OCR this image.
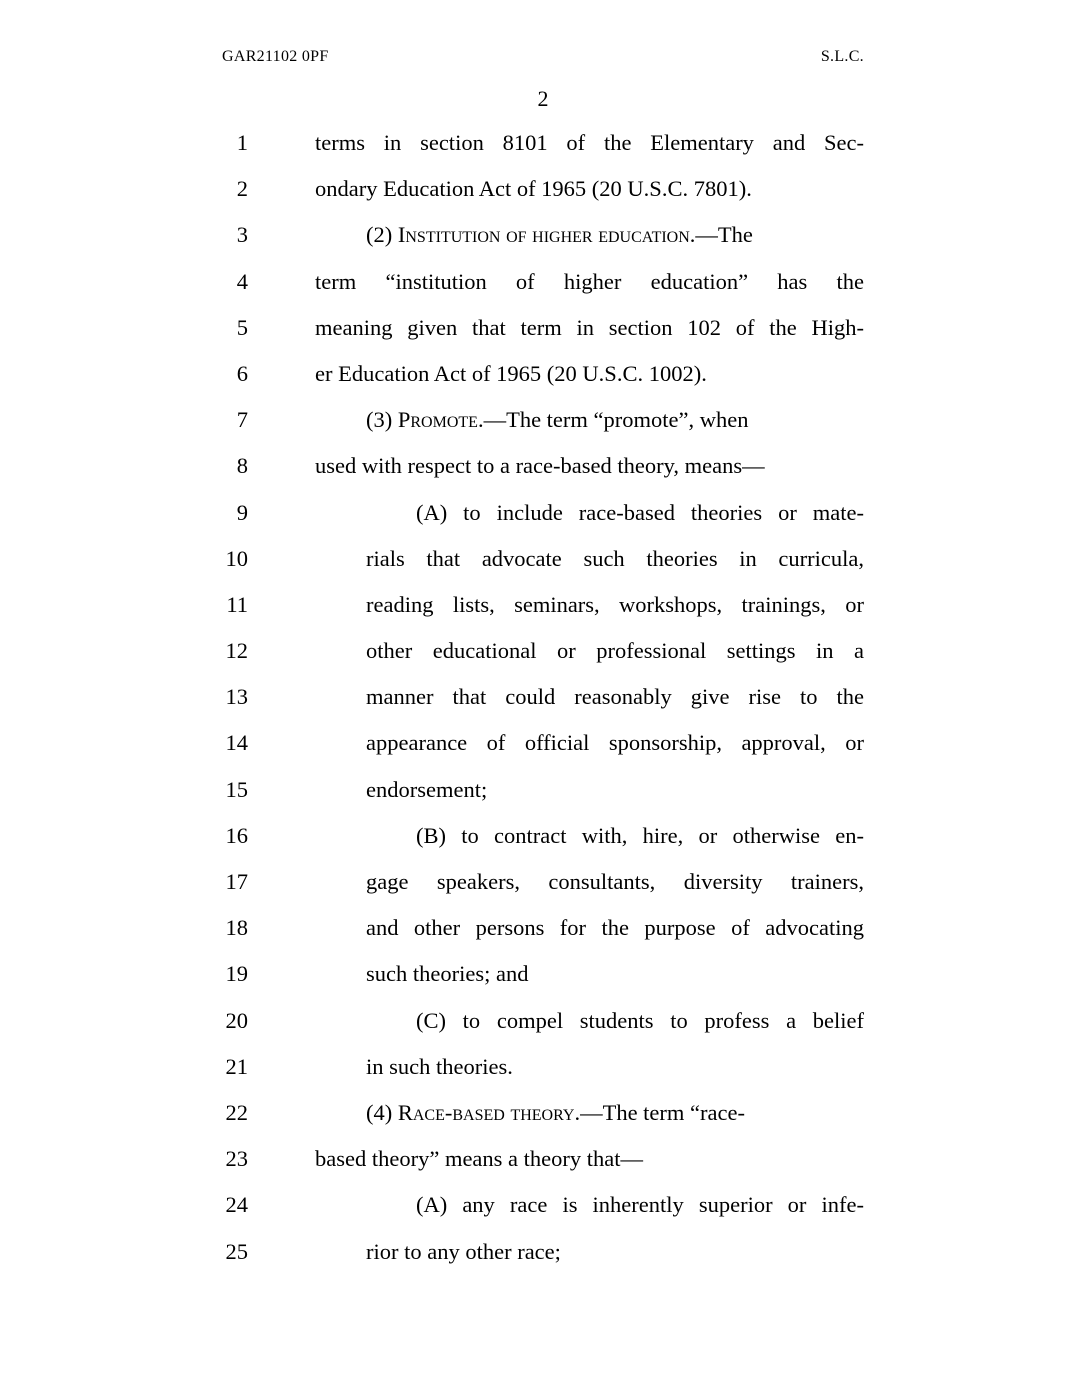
GAR21102 0PF	S.L.C.
2
1	terms in section 8101 of the Elementary and Sec-
2	ondary Education Act of 1965 (20 U.S.C. 7801).
3	(2) Institution of higher education.—The
4	term “institution of higher education” has the
5	meaning given that term in section 102 of the High-
6	er Education Act of 1965 (20 U.S.C. 1002).
7	(3) Promote.—The term “promote”, when
8	used with respect to a race-based theory, means—
9	(A) to include race-based theories or mate-
10	rials that advocate such theories in curricula,
11	reading lists, seminars, workshops, trainings, or
12	other educational or professional settings in a
13	manner that could reasonably give rise to the
14	appearance of official sponsorship, approval, or
15	endorsement;
16	(B) to contract with, hire, or otherwise en-
17	gage speakers, consultants, diversity trainers,
18	and other persons for the purpose of advocating
19	such theories; and
20	(C) to compel students to profess a belief
21	in such theories.
22	(4) Race-based theory.—The term “race-
23	based theory” means a theory that—
24	(A) any race is inherently superior or infe-
25	rior to any other race;
